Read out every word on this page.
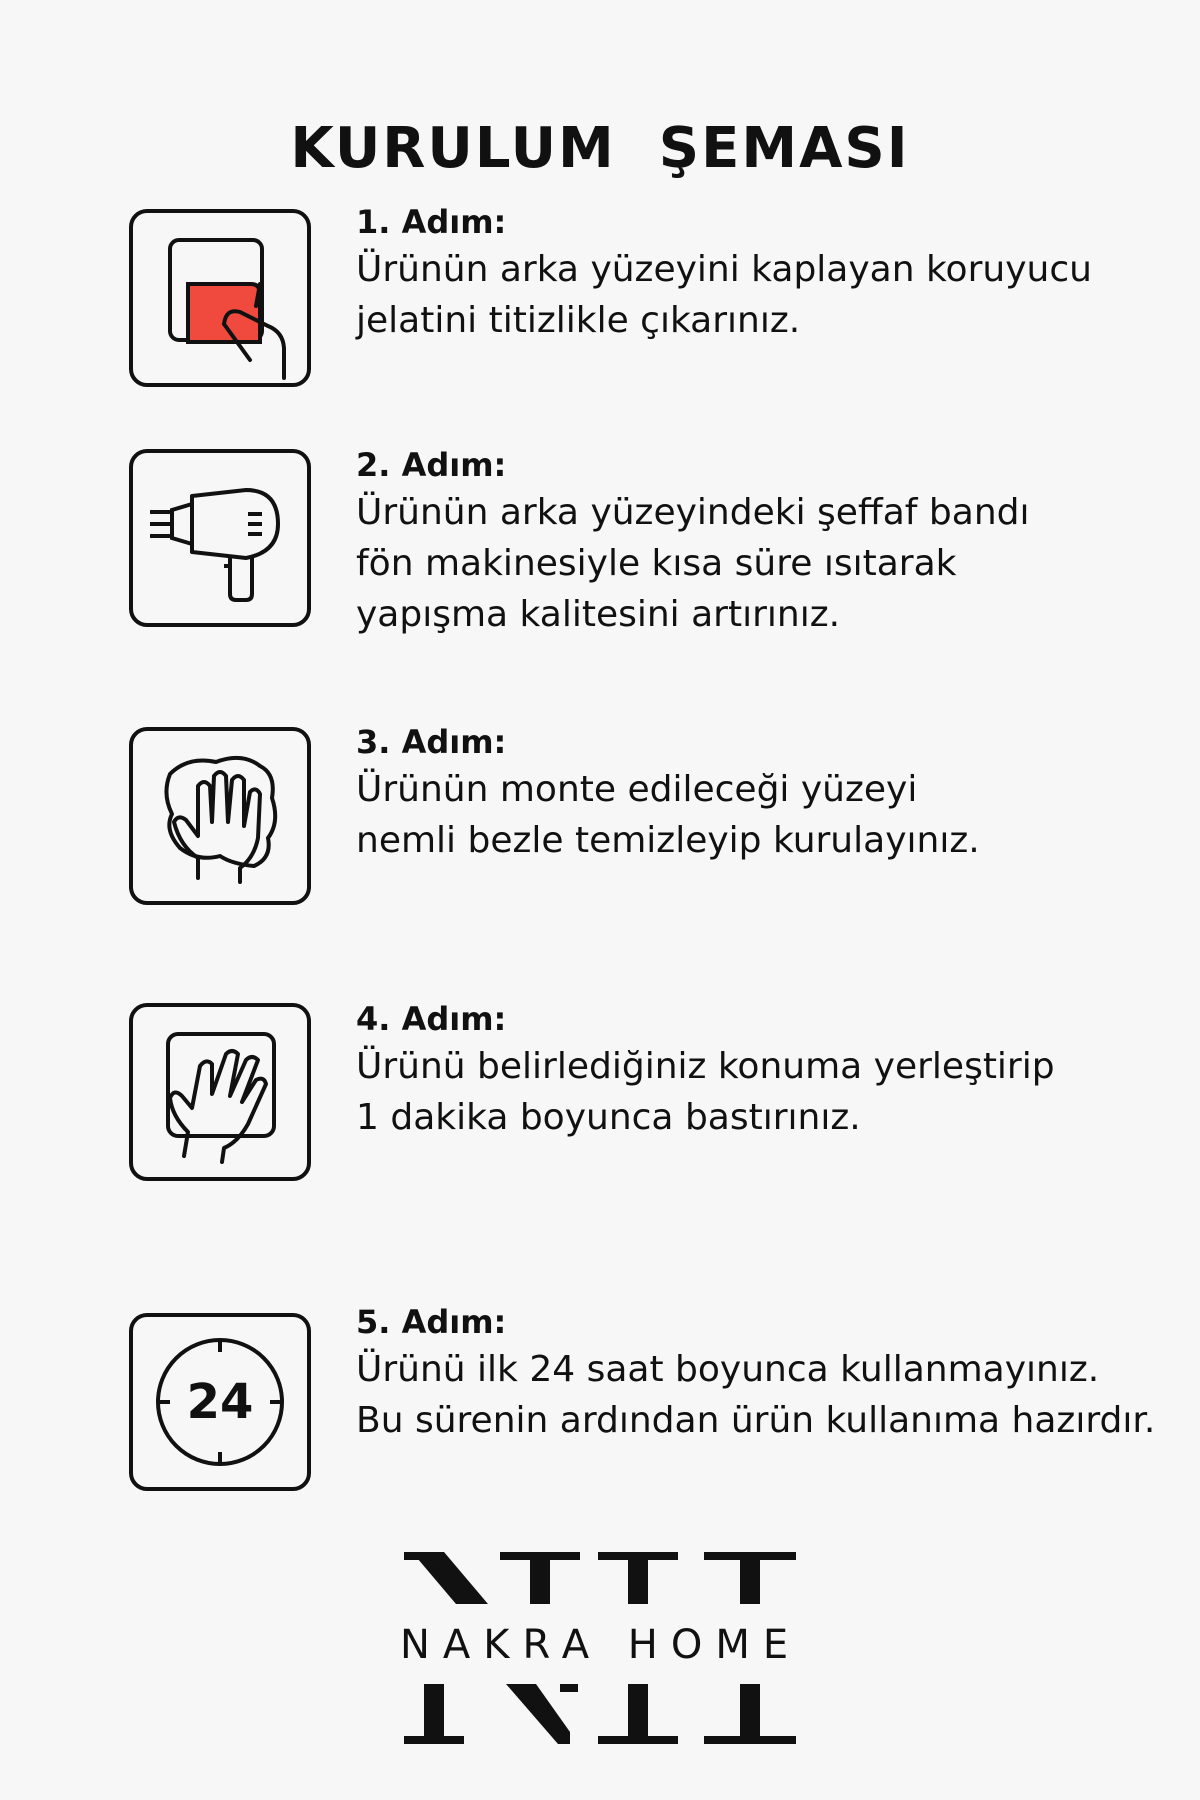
KURULUM  ŞEMASI
1. Adım:
Ürünün arka yüzeyini kaplayan koruyucu
jelatini titizlikle çıkarınız.
2. Adım:
Ürünün arka yüzeyindeki şeffaf bandı
fön makinesiyle kısa süre ısıtarak
yapışma kalitesini artırınız.
3. Adım:
Ürünün monte edileceği yüzeyi
nemli bezle temizleyip kurulayınız.
4. Adım:
Ürünü belirlediğiniz konuma yerleştirip
1 dakika boyunca bastırınız.
24
5. Adım:
Ürünü ilk 24 saat boyunca kullanmayınız.
Bu sürenin ardından ürün kullanıma hazırdır.
NAKRA HOME
